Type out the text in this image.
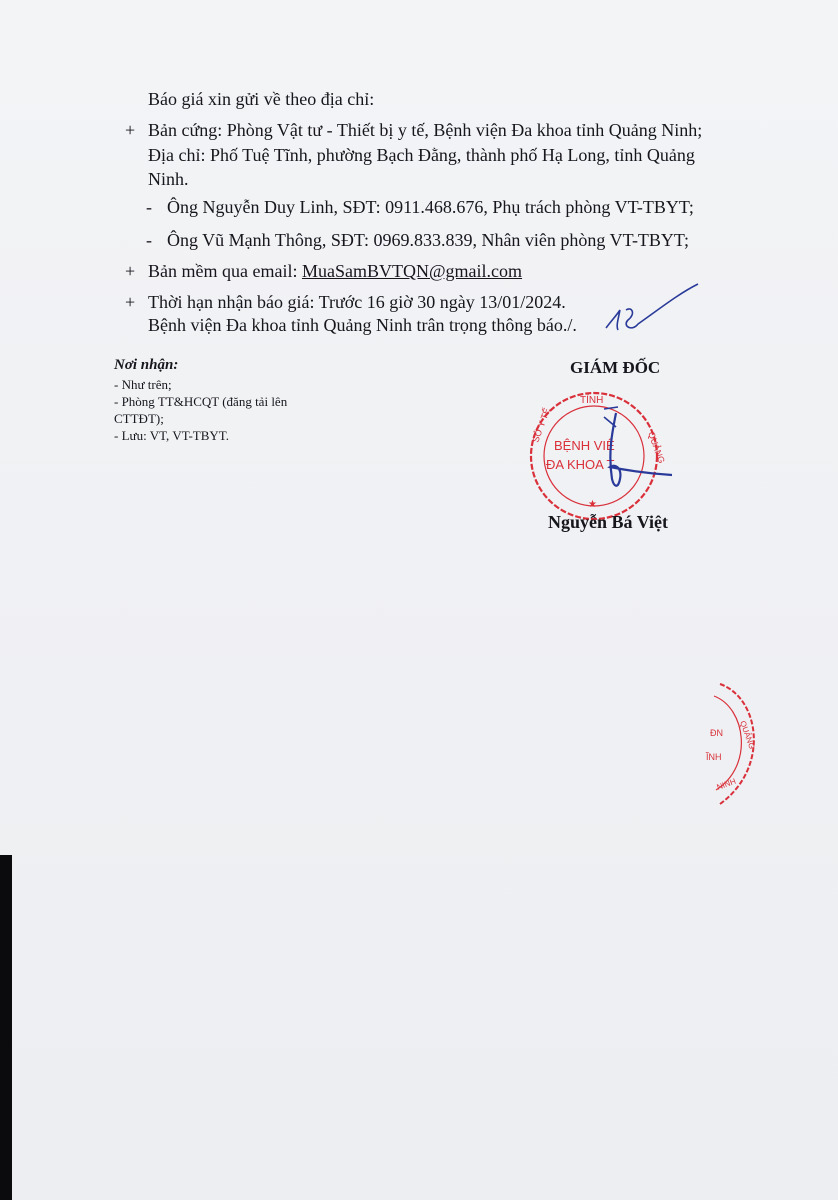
Báo giá xin gửi về theo địa chỉ:
+ Bản cứng: Phòng Vật tư - Thiết bị y tế, Bệnh viện Đa khoa tỉnh Quảng Ninh;
Địa chỉ: Phố Tuệ Tĩnh, phường Bạch Đằng, thành phố Hạ Long, tỉnh Quảng
Ninh.
- Ông Nguyễn Duy Linh, SĐT: 0911.468.676, Phụ trách phòng VT-TBYT;
- Ông Vũ Mạnh Thông, SĐT: 0969.833.839, Nhân viên phòng VT-TBYT;
+ Bản mềm qua email: MuaSamBVTQN@gmail.com
+ Thời hạn nhận báo giá: Trước 16 giờ 30 ngày 13/01/2024.
Bệnh viện Đa khoa tỉnh Quảng Ninh trân trọng thông báo./.
Nơi nhận:
- Như trên;
- Phòng TT&HCQT (đăng tải lên
CTTĐT);
- Lưu: VT, VT-TBYT.
GIÁM ĐỐC
TỈNH
SỞ Y TẾ
QUẢNG
BỆNH VIỆ
ĐA KHOA T
★
Nguyễn Bá Việt
QUẢNG
ĐN
ĨNH
NINH
